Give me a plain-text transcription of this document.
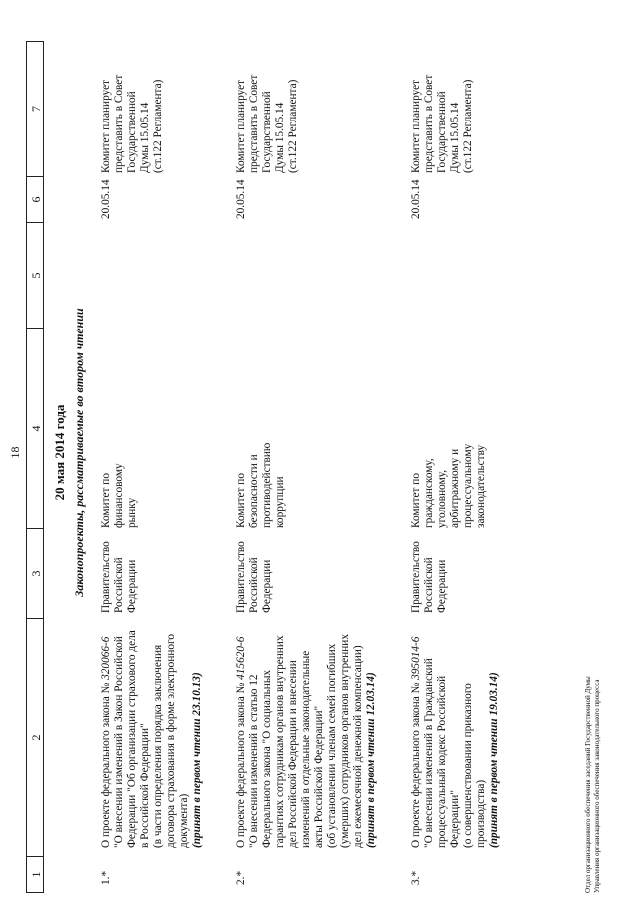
18
1
2
3
4
5
6
7
20 мая 2014 года Законопроекты, рассматриваемые во втором чтении
1.*
О проекте федерального закона № 320066-6 "О внесении изменений в Закон Российской Федерации "Об организации страхового дела в Российской Федерации" (в части определения порядка заключения договора страхования в форме электронного документа) (принят в первом чтении 23.10.13)
Правительство Российской Федерации
Комитет по финансовому рынку
20.05.14
Комитет планирует представить в Совет Государственной Думы 15.05.14 (ст.122 Регламента)
2.*
О проекте федерального закона № 415620-6
"О внесении изменений в статью 12 Федерального закона "О социальных гарантиях сотрудникам органов внутренних дел Российской Федерации и внесении изменений в отдельные законодательные акты Российской Федерации" (об установлении членам семей погибших (умерших) сотрудников органов внутренних дел ежемесячной денежной компенсации) (принят в первом чтении 12.03.14)
Правительство Российской Федерации
Комитет по безопасности и противодействию коррупции
20.05.14
Комитет планирует представить в Совет Государственной Думы 15.05.14 (ст.122 Регламента)
3.*
О проекте федерального закона № 395014-6
"О внесении изменений в Гражданский процессуальный кодекс Российской Федерации" (о совершенствовании приказного производства) (принят в первом чтении 19.03.14)
Правительство Российской Федерации
Комитет по гражданскому, уголовному, арбитражному и процессуальному законодательству
20.05.14
Комитет планирует представить в Совет Государственной Думы 15.05.14 (ст.122 Регламента)
Отдел организационного обеспечения заседаний Государственной Думы Управления организационного обеспечения законодательного процесса
